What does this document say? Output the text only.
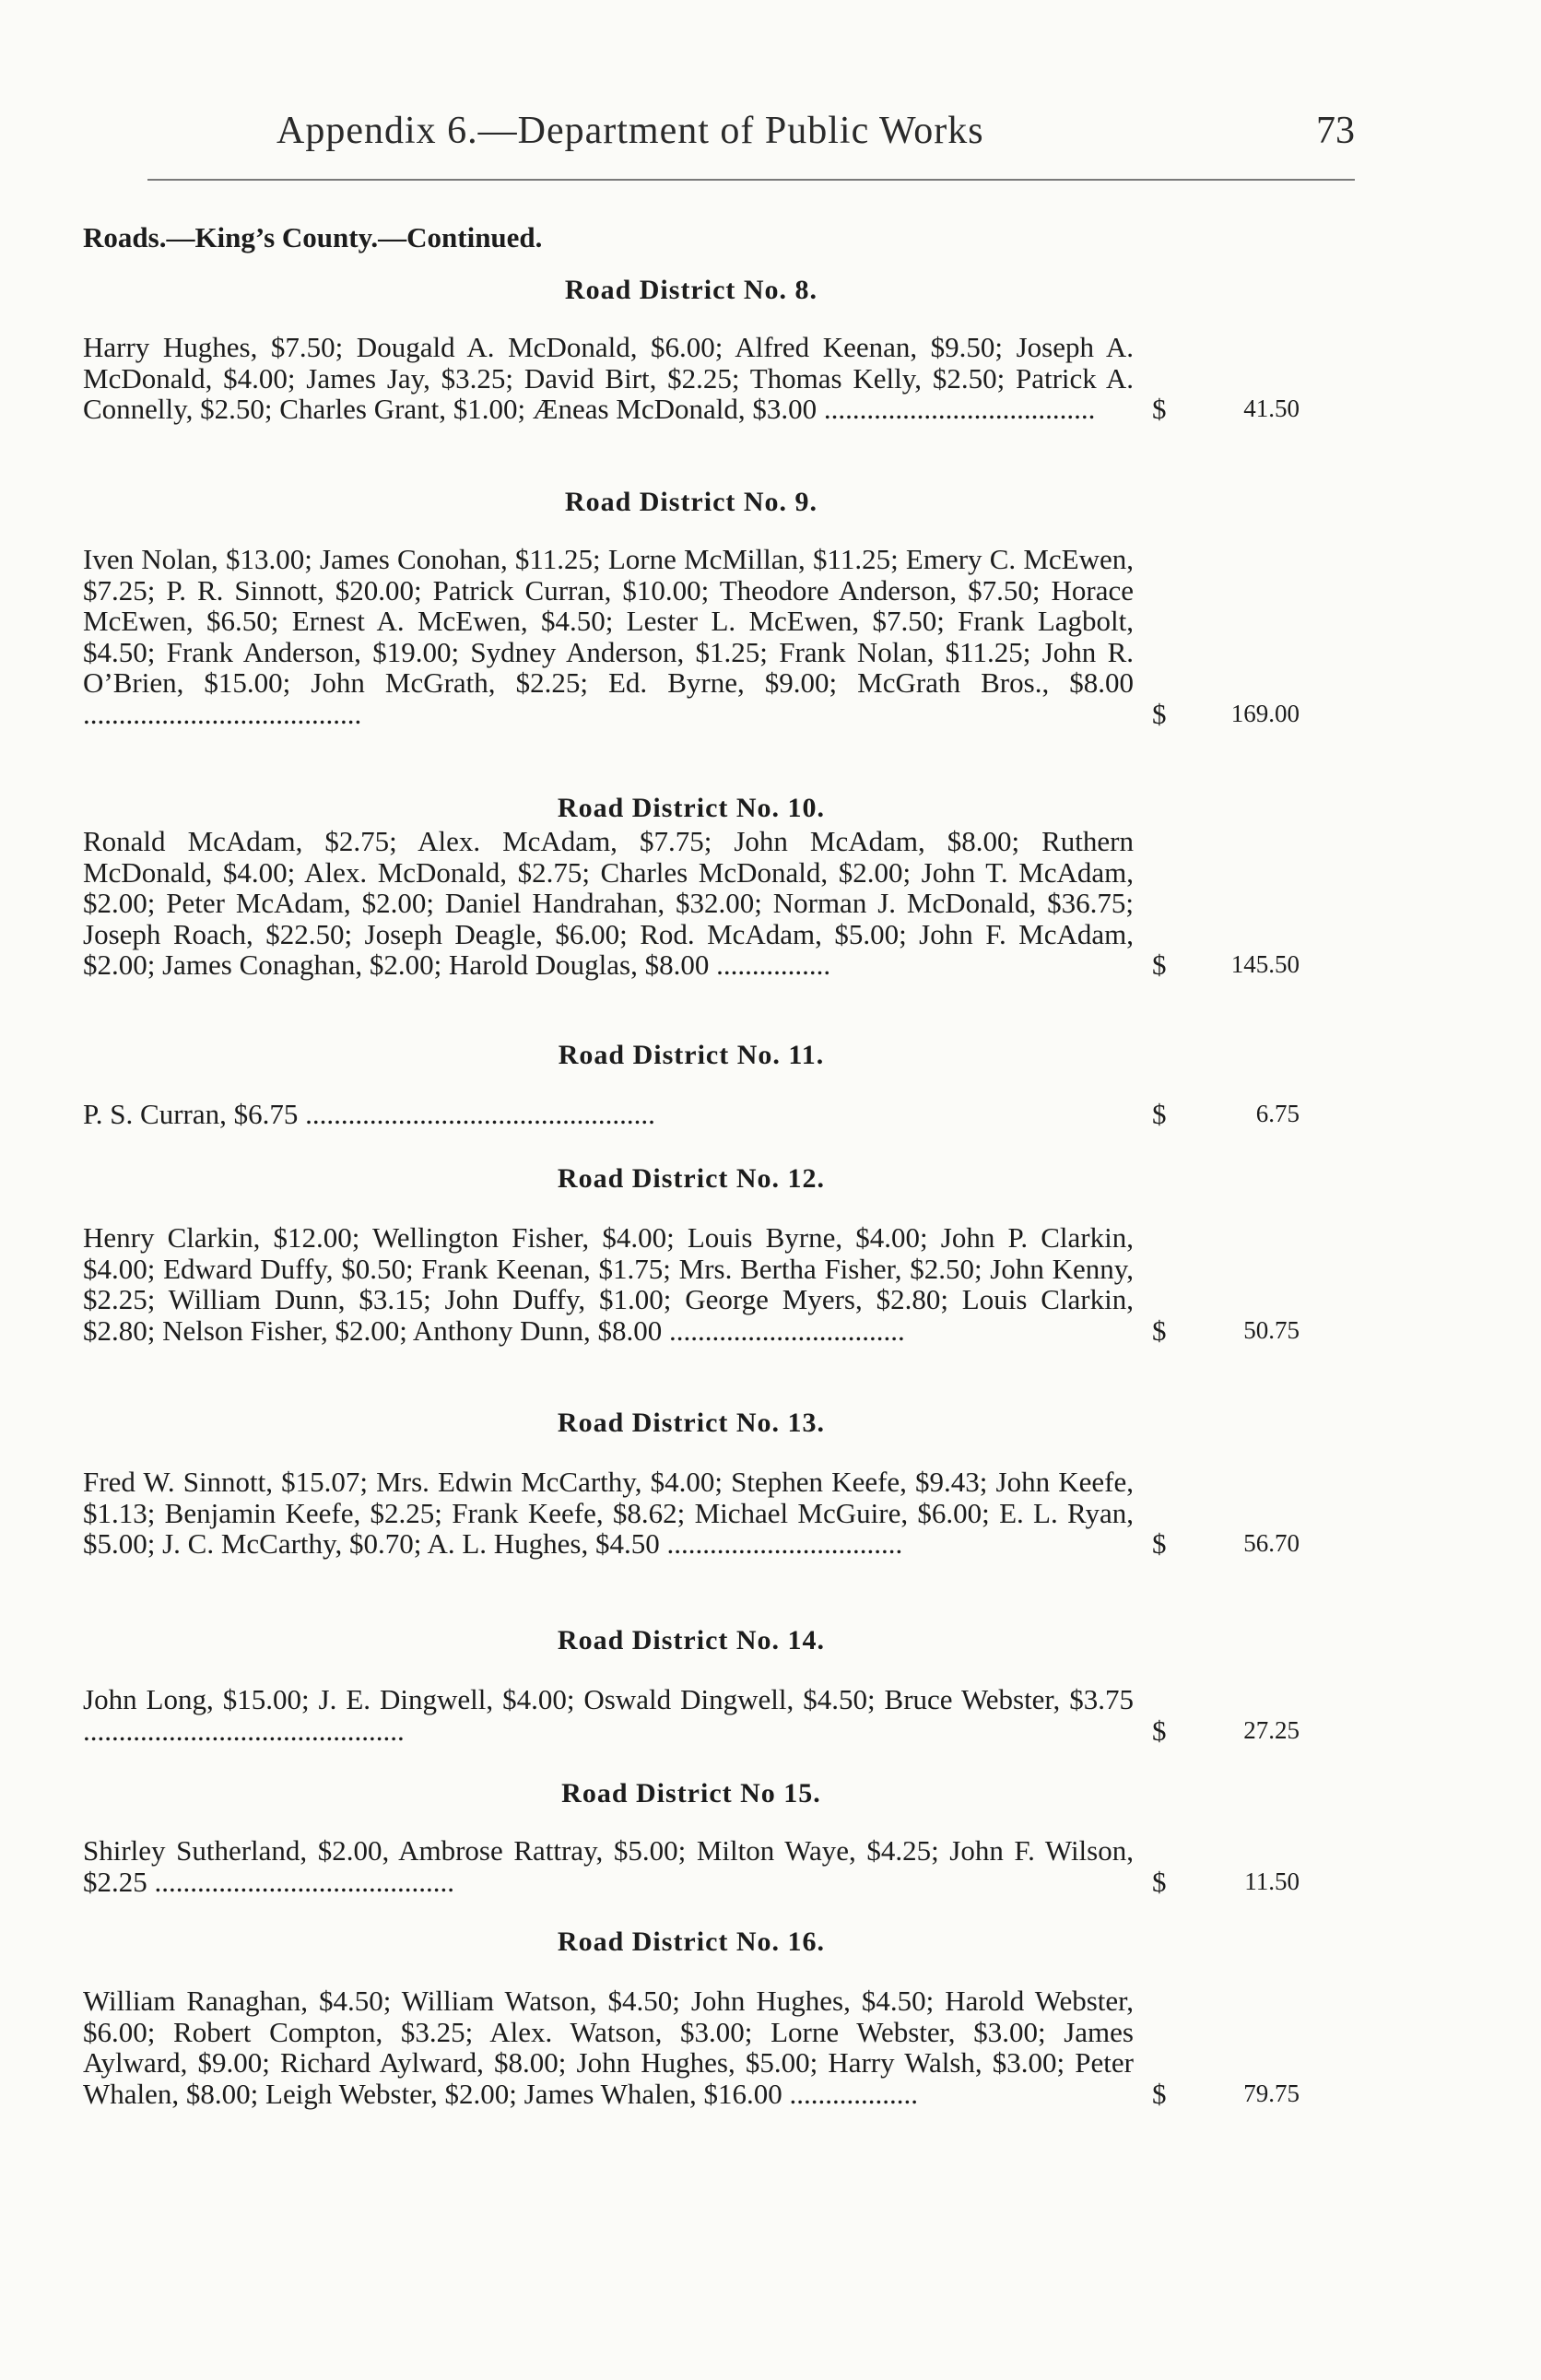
Appendix 6.—Department of Public Works	73
Roads.—King’s County.—Continued.
Road District No. 8.
Harry Hughes, $7.50; Dougald A. McDonald, $6.00; Alfred Keenan, $9.50; Joseph A. McDonald, $4.00; James Jay, $3.25; David Birt, $2.25; Thomas Kelly, $2.50; Patrick A. Connelly, $2.50; Charles Grant, $1.00; Æneas McDonald, $3.00 ......................................	$	41.50
Road District No. 9.
Iven Nolan, $13.00; James Conohan, $11.25; Lorne McMillan, $11.25; Emery C. McEwen, $7.25; P. R. Sinnott, $20.00; Patrick Curran, $10.00; Theodore Anderson, $7.50; Horace McEwen, $6.50; Ernest A. McEwen, $4.50; Lester L. McEwen, $7.50; Frank Lagbolt, $4.50; Frank Anderson, $19.00; Sydney Anderson, $1.25; Frank Nolan, $11.25; John R. O’Brien, $15.00; John McGrath, $2.25; Ed. Byrne, $9.00; McGrath Bros., $8.00 .......................................	$	169.00
Road District No. 10.
Ronald McAdam, $2.75; Alex. McAdam, $7.75; John McAdam, $8.00; Ruthern McDonald, $4.00; Alex. McDonald, $2.75; Charles McDonald, $2.00; John T. McAdam, $2.00; Peter McAdam, $2.00; Daniel Handrahan, $32.00; Norman J. McDonald, $36.75; Joseph Roach, $22.50; Joseph Deagle, $6.00; Rod. McAdam, $5.00; John F. McAdam, $2.00; James Conaghan, $2.00; Harold Douglas, $8.00 ................	$	145.50
Road District No. 11.
P. S. Curran, $6.75 .................................................	$	6.75
Road District No. 12.
Henry Clarkin, $12.00; Wellington Fisher, $4.00; Louis Byrne, $4.00; John P. Clarkin, $4.00; Edward Duffy, $0.50; Frank Keenan, $1.75; Mrs. Bertha Fisher, $2.50; John Kenny, $2.25; William Dunn, $3.15; John Duffy, $1.00; George Myers, $2.80; Louis Clarkin, $2.80; Nelson Fisher, $2.00; Anthony Dunn, $8.00 .................................	$	50.75
Road District No. 13.
Fred W. Sinnott, $15.07; Mrs. Edwin McCarthy, $4.00; Stephen Keefe, $9.43; John Keefe, $1.13; Benjamin Keefe, $2.25; Frank Keefe, $8.62; Michael McGuire, $6.00; E. L. Ryan, $5.00; J. C. McCarthy, $0.70; A. L. Hughes, $4.50 .................................	$	56.70
Road District No. 14.
John Long, $15.00; J. E. Dingwell, $4.00; Oswald Dingwell, $4.50; Bruce Webster, $3.75 .............................................	$	27.25
Road District No 15.
Shirley Sutherland, $2.00, Ambrose Rattray, $5.00; Milton Waye, $4.25; John F. Wilson, $2.25 ..........................................	$	11.50
Road District No. 16.
William Ranaghan, $4.50; William Watson, $4.50; John Hughes, $4.50; Harold Webster, $6.00; Robert Compton, $3.25; Alex. Watson, $3.00; Lorne Webster, $3.00; James Aylward, $9.00; Richard Aylward, $8.00; John Hughes, $5.00; Harry Walsh, $3.00; Peter Whalen, $8.00; Leigh Webster, $2.00; James Whalen, $16.00 ..................	$	79.75
